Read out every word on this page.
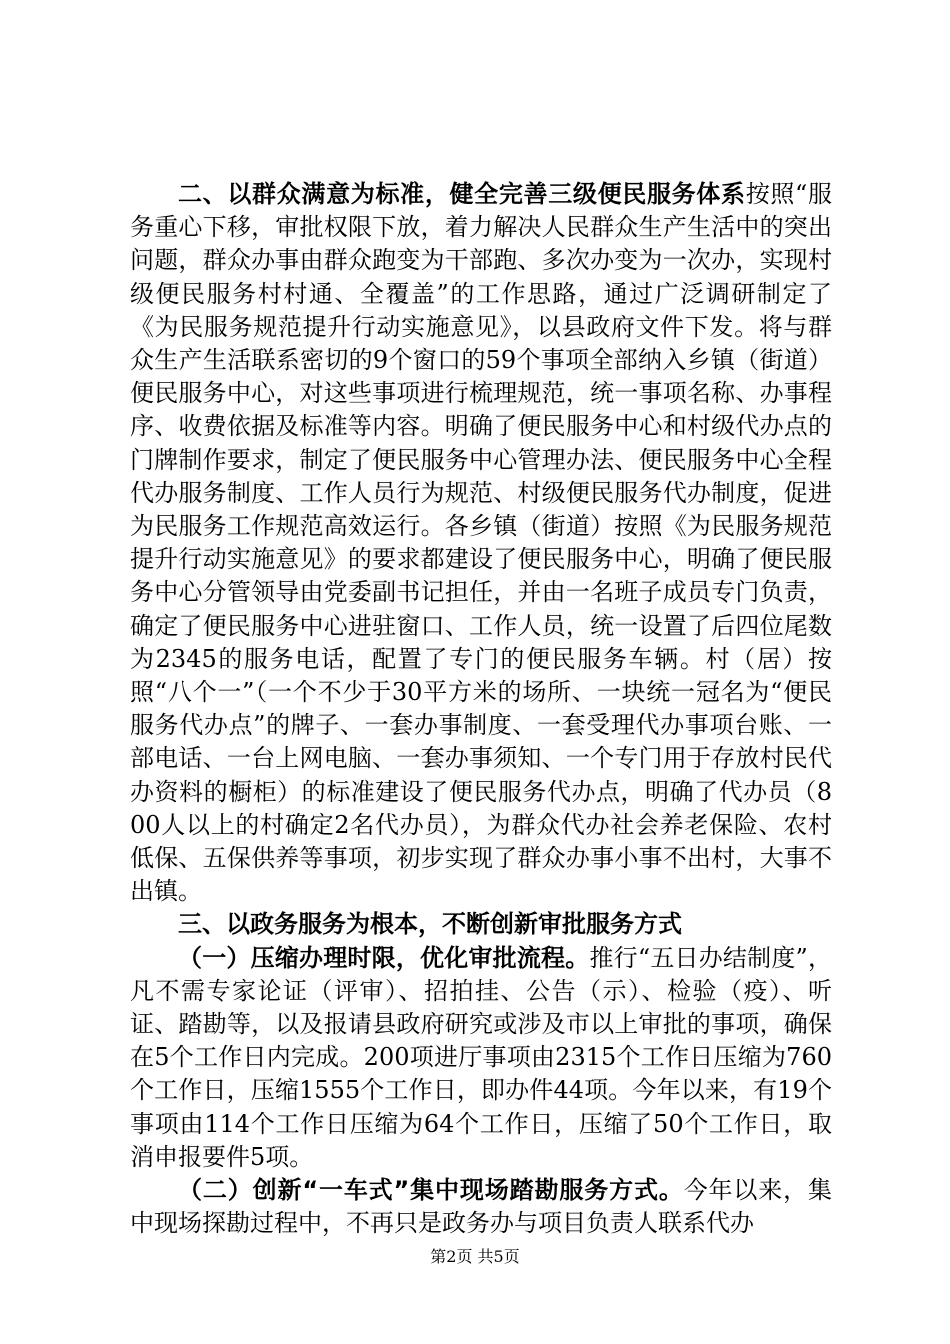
二、以群众满意为标准，健全完善三级便民服务体系按照“服务重心下移，审批权限下放，着力解决人民群众生产生活中的突出问题，群众办事由群众跑变为干部跑、多次办变为一次办，实现村级便民服务村村通、全覆盖”的工作思路，通过广泛调研制定了《为民服务规范提升行动实施意见》，以县政府文件下发。将与群众生产生活联系密切的9个窗口的59个事项全部纳入乡镇（街道）便民服务中心，对这些事项进行梳理规范，统一事项名称、办事程序、收费依据及标准等内容。明确了便民服务中心和村级代办点的门牌制作要求，制定了便民服务中心管理办法、便民服务中心全程代办服务制度、工作人员行为规范、村级便民服务代办制度，促进为民服务工作规范高效运行。各乡镇（街道）按照《为民服务规范提升行动实施意见》的要求都建设了便民服务中心，明确了便民服务中心分管领导由党委副书记担任，并由一名班子成员专门负责，确定了便民服务中心进驻窗口、工作人员，统一设置了后四位尾数为2345的服务电话，配置了专门的便民服务车辆。村（居）按照“八个一”（一个不少于30平方米的场所、一块统一冠名为“便民服务代办点”的牌子、一套办事制度、一套受理代办事项台账、一部电话、一台上网电脑、一套办事须知、一个专门用于存放村民代办资料的橱柜）的标准建设了便民服务代办点，明确了代办员（800人以上的村确定2名代办员），为群众代办社会养老保险、农村低保、五保供养等事项，初步实现了群众办事小事不出村，大事不出镇。

三、以政务服务为根本，不断创新审批服务方式

（一）压缩办理时限，优化审批流程。推行“五日办结制度”，凡不需专家论证（评审）、招拍挂、公告（示）、检验（疫）、听证、踏勘等，以及报请县政府研究或涉及市以上审批的事项，确保在5个工作日内完成。200项进厅事项由2315个工作日压缩为760个工作日，压缩1555个工作日，即办件44项。今年以来，有19个事项由114个工作日压缩为64个工作日，压缩了50个工作日，取消申报要件5项。

（二）创新“一车式”集中现场踏勘服务方式。今年以来，集中现场探勘过程中，不再只是政务办与项目负责人联系代办

第2页 共5页
